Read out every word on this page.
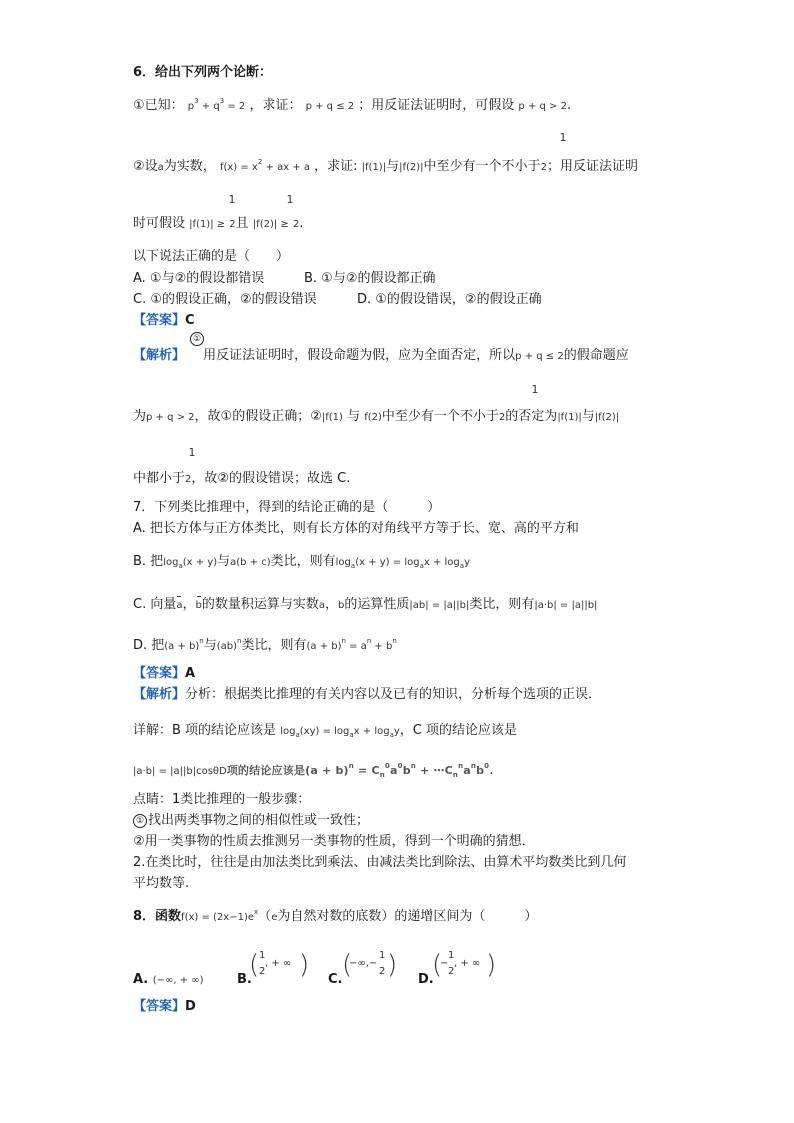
6．给出下列两个论断：
①已知： $p^3 + q^3 = 2$ ，求证： p + q ≤ 2 ；用反证法证明时，可假设 p + q > 2.
1
②设a为实数， $f(x) = x^2$ + ax + a ，求证: |f(1)|与|f(2)|中至少有一个不小于2；用反证法证明
1	1
时可假设 |f(1)| ≥ 2且 |f(2)| ≥ 2.
以下说法正确的是（　　）
A. ①与②的假设都错误	B. ①与②的假设都正确
C. ①的假设正确，②的假设错误	D. ①的假设错误，②的假设正确
【答案】C
①
【解析】 用反证法证明时，假设命题为假，应为全面否定，所以p + q ≤ 2的假命题应
1
为p + q > 2，故①的假设正确；②|f(1) 与 f(2)中至少有一个不小于2的否定为|f(1)|与|f(2)|
1
中都小于2，故②的假设错误；故选 C.
7．下列类比推理中，得到的结论正确的是（　　　）
A. 把长方体与正方体类比，则有长方体的对角线平方等于长、宽、高的平方和
B. 把$\log_a(x + y)$与a(b + c)类比，则有$\log_a(x + y) = \log_ax + \log_ay$
C. 向量a，b的数量积运算与实数a，b的运算性质|ab| = |a||b|类比，则有|a·b| = |a||b|
D. 把$(a + b)^n$与(ab)$^n$类比，则有$(a + b)^n = a^n + b^n$
【答案】A
【解析】分析：根据类比推理的有关内容以及已有的知识，分析每个选项的正误．
详解：B 项的结论应该是 $\log_a(xy) = \log_ax + \log_ay$，C 项的结论应该是
|a·b| = |a||b|cosθD项的结论应该是$(a + b)^n = C_n^0a^0b^n$ + $\cdots C_n^na^nb^0$.
点睛：1类比推理的一般步骤：
① 找出两类事物之间的相似性或一致性；
②用一类事物的性质去推测另一类事物的性质，得到一个明确的猜想．
2.在类比时，往往是由加法类比到乘法、由减法类比到除法、由算术平均数类比到几何
平均数等.
8．函数$f(x) = (2x-1)e^x(e$为自然对数的底数）的递增区间为（　　　）
A. (−∞, + ∞)	B.
( 1
2
, + ∞ ) C. (
−∞,−
1
2 ) D.
(
−
1
2
, + ∞ )
【答案】D
